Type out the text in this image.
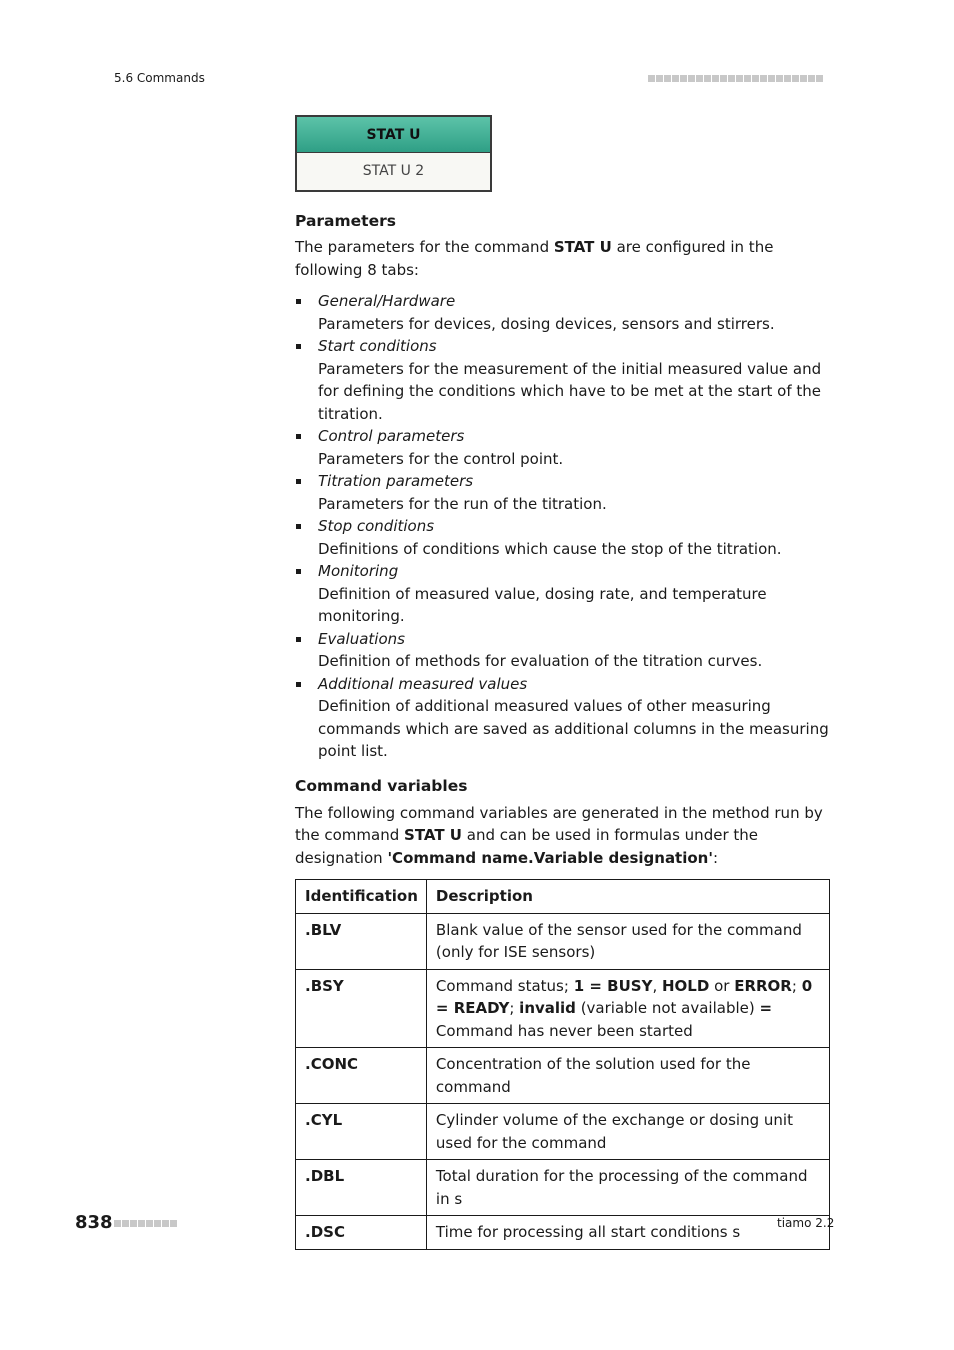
5.6 Commands
STAT U
STAT U 2
Parameters

The parameters for the command STAT U are configured in the following 8 tabs:

General/Hardware
Parameters for devices, dosing devices, sensors and stirrers.
Start conditions
Parameters for the measurement of the initial measured value and for defining the conditions which have to be met at the start of the titration.
Control parameters
Parameters for the control point.
Titration parameters
Parameters for the run of the titration.
Stop conditions
Definitions of conditions which cause the stop of the titration.
Monitoring
Definition of measured value, dosing rate, and temperature monitoring.
Evaluations
Definition of methods for evaluation of the titration curves.
Additional measured values
Definition of additional measured values of other measuring commands which are saved as additional columns in the measuring point list.
Command variables

The following command variables are generated in the method run by the command STAT U and can be used in formulas under the designation 'Command name.Variable designation':

Identification	Description
.BLV	Blank value of the sensor used for the command (only for ISE sensors)
.BSY	Command status; 1 = BUSY, HOLD or ERROR; 0 = READY; invalid (variable not available) = Command has never been started
.CONC	Concentration of the solution used for the command
.CYL	Cylinder volume of the exchange or dosing unit used for the command
.DBL	Total duration for the processing of the command in s
.DSC	Time for processing all start conditions s
838	tiamo 2.2
